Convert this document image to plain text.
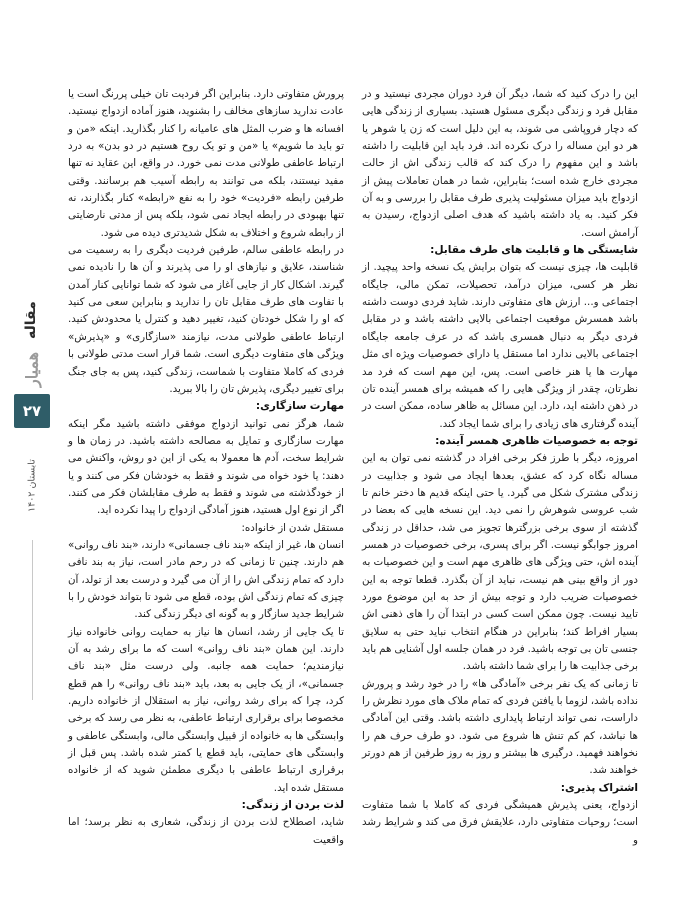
این را درک کنید که شما، دیگر آن فرد دوران مجردی نیستید و در مقابل فرد و زندگی دیگری مسئول هستید. بسیاری از زندگی هایی که دچار فروپاشی می شوند، به این دلیل است که زن یا شوهر یا هر دو این مساله را درک نکرده اند. فرد باید این قابلیت را داشته باشد و این مفهوم را درک کند که قالب زندگی اش از حالت مجردی خارج شده است؛ بنابراین، شما در همان تعاملات پیش از ازدواج باید میزان مسئولیت پذیری طرف مقابل را بررسی و به آن فکر کنید. به یاد داشته باشید که هدف اصلی ازدواج، رسیدن به آرامش است.

شایستگی ها و قابلیت های طرف مقابل:

قابلیت ها، چیزی نیست که بتوان برایش یک نسخه واحد پیچید. از نظر هر کسی، میزان درآمد، تحصیلات، تمکن مالی، جایگاه اجتماعی و... ارزش های متفاوتی دارند. شاید فردی دوست داشته باشد همسرش موقعیت اجتماعی بالایی داشته باشد و در مقابل فردی دیگر به دنبال همسری باشد که در عرف جامعه جایگاه اجتماعی بالایی ندارد اما مستقل یا دارای خصوصیات ویژه ای مثل مهارت ها یا هنر خاصی است. پس، این مهم است که فرد مد نظرتان، چقدر از ویژگی هایی را که همیشه برای همسر آینده تان در ذهن داشته اید، دارد. این مسائل به ظاهر ساده، ممکن است در آینده گرفتاری های زیادی را برای شما ایجاد کند.

توجه به خصوصیات ظاهری همسر آینده:

امروزه، دیگر با طرز فکر برخی افراد در گذشته نمی توان به این مساله نگاه کرد که عشق، بعدها ایجاد می شود و جذابیت در زندگی مشترک شکل می گیرد. یا حتی اینکه قدیم ها دختر خانم تا شب عروسی شوهرش را نمی دید. این نسخه هایی که بعضا در گذشته از سوی برخی بزرگترها تجویز می شد، حداقل در زندگی امروز جوابگو نیست. اگر برای پسری، برخی خصوصیات در همسر آینده اش، حتی ویژگی های ظاهری مهم است و این خصوصیات به دور از واقع بینی هم نیست، نباید از آن بگذرد. قطعا توجه به این خصوصیات ضریب دارد و توجه بیش از حد به این موضوع مورد تایید نیست. چون ممکن است کسی در ابتدا آن را های ذهنی اش بسیار افراط کند؛ بنابراین در هنگام انتخاب نباید حتی به سلایق جنسی تان بی توجه باشید. فرد در همان جلسه اول آشنایی هم باید برخی جذابیت ها را برای شما داشته باشد.

تا زمانی که یک نفر برخی «آمادگی ها» را در خود رشد و پرورش نداده باشد، لزوما با یافتن فردی که تمام ملاک های مورد نظرش را داراست، نمی تواند ارتباط پایداری داشته باشد. وقتی این آمادگی ها نباشد، کم کم تنش ها شروع می شود. دو طرف حرف هم را نخواهند فهمید. درگیری ها بیشتر و روز به روز طرفین از هم دورتر خواهند شد.

اشتراک پذیری:

ازدواج، یعنی پذیرش همیشگی فردی که کاملا با شما متفاوت است؛ روحیات متفاوتی دارد، علایقش فرق می کند و شرایط رشد و

پرورش متفاوتی دارد. بنابراین اگر فردیت تان خیلی پررنگ است یا عادت ندارید سازهای مخالف را بشنوید، هنوز آماده ازدواج نیستید. افسانه ها و ضرب المثل های عامیانه را کنار بگذارید. اینکه «من و تو باید ما شویم» یا «من و تو یک روح هستیم در دو بدن» به درد ارتباط عاطفی طولانی مدت نمی خورد. در واقع، این عقاید نه تنها مفید نیستند، بلکه می توانند به رابطه آسیب هم برسانند. وقتی طرفین رابطه «فردیت» خود را به نفع «رابطه» کنار بگذارند، نه تنها بهبودی در رابطه ایجاد نمی شود، بلکه پس از مدتی نارضایتی از رابطه شروع و اختلاف به شکل شدیدتری دیده می شود.

در رابطه عاطفی سالم، طرفین فردیت دیگری را به رسمیت می شناسند، علایق و نیازهای او را می پذیرند و آن ها را نادیده نمی گیرند. اشکال کار از جایی آغاز می شود که شما توانایی کنار آمدن با تفاوت های طرف مقابل تان را ندارید و بنابراین سعی می کنید که او را شکل خودتان کنید، تغییر دهید و کنترل یا محدودش کنید. ارتباط عاطفی طولانی مدت، نیازمند «سازگاری» و «پذیرش» ویژگی های متفاوت دیگری است. شما قرار است مدتی طولانی با فردی که کاملا متفاوت با شماست، زندگی کنید، پس به جای جنگ برای تغییر دیگری، پذیرش تان را بالا ببرید.

مهارت سازگاری:

شما، هرگز نمی توانید ازدواج موفقی داشته باشید مگر اینکه مهارت سازگاری و تمایل به مصالحه داشته باشید. در زمان ها و شرایط سخت، آدم ها معمولا به یکی از این دو روش، واکنش می دهند: یا خود خواه می شوند و فقط به خودشان فکر می کنند و یا از خودگذشته می شوند و فقط به طرف مقابلشان فکر می کنند. اگر از نوع اول هستید، هنوز آمادگی ازدواج را پیدا نکرده اید.

مستقل شدن از خانواده:

انسان ها، غیر از اینکه «بند ناف جسمانی» دارند، «بند ناف روانی» هم دارند. چنین تا زمانی که در رحم مادر است، نیاز به بند نافی دارد که تمام زندگی اش را از آن می گیرد و درست بعد از تولد، آن چیزی که تمام زندگی اش بوده، قطع می شود تا بتواند خودش را با شرایط جدید سازگار و به گونه ای دیگر زندگی کند.

تا یک جایی از رشد، انسان ها نیاز به حمایت روانی خانواده نیاز دارند. این همان «بند ناف روانی» است که ما برای رشد به آن نیازمندیم؛ حمایت همه جانبه. ولی درست مثل «بند ناف جسمانی»، از یک جایی به بعد، باید «بند ناف روانی» را هم قطع کرد، چرا که برای رشد روانی، نیاز به استقلال از خانواده داریم. مخصوصا برای برقراری ارتباط عاطفی، به نظر می رسد که برخی وابستگی ها به خانواده از قبیل وابستگی مالی، وابستگی عاطفی و وابستگی های حمایتی، باید قطع یا کمتر شده باشد. پس قبل از برقراری ارتباط عاطفی با دیگری مطمئن شوید که از خانواده مستقل شده اید.

لذت بردن از زندگی:

شاید، اصطلاح لذت بردن از زندگی، شعاری به نظر برسد؛ اما واقعیت

مقاله
همیار
۲۷
تابستان ۱۴۰۲
